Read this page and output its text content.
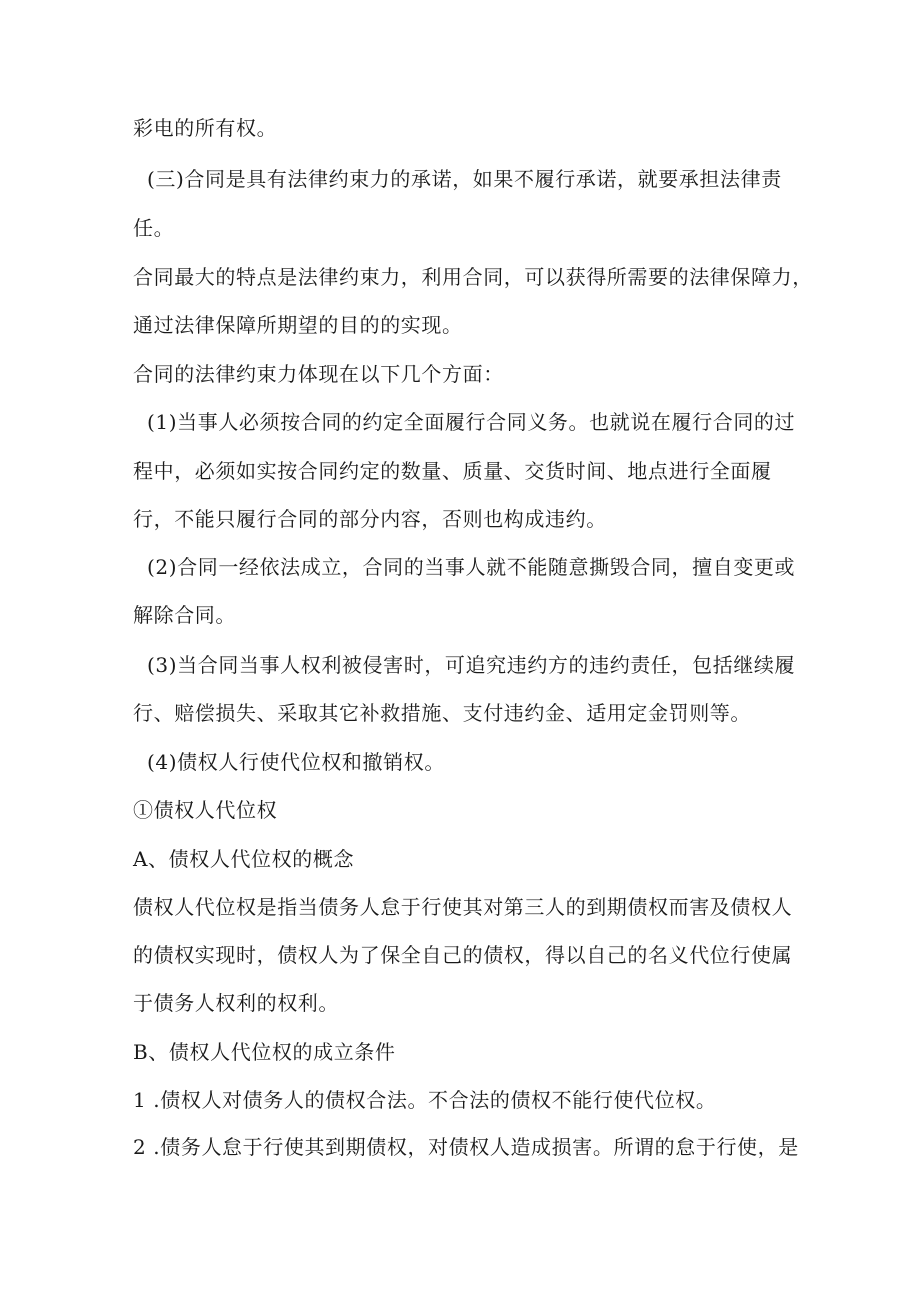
彩电的所有权。
(三)合同是具有法律约束力的承诺，如果不履行承诺，就要承担法律责
任。
合同最大的特点是法律约束力，利用合同，可以获得所需要的法律保障力，
通过法律保障所期望的目的的实现。
合同的法律约束力体现在以下几个方面：
(1)当事人必须按合同的约定全面履行合同义务。也就说在履行合同的过
程中，必须如实按合同约定的数量、质量、交货时间、地点进行全面履
行，不能只履行合同的部分内容，否则也构成违约。
(2)合同一经依法成立，合同的当事人就不能随意撕毁合同，擅自变更或
解除合同。
(3)当合同当事人权利被侵害时，可追究违约方的违约责任，包括继续履
行、赔偿损失、采取其它补救措施、支付违约金、适用定金罚则等。
(4)债权人行使代位权和撤销权。
①债权人代位权
A、债权人代位权的概念
债权人代位权是指当债务人怠于行使其对第三人的到期债权而害及债权人
的债权实现时，债权人为了保全自己的债权，得以自己的名义代位行使属
于债务人权利的权利。
B、债权人代位权的成立条件
1 .债权人对债务人的债权合法。不合法的债权不能行使代位权。
2 .债务人怠于行使其到期债权，对债权人造成损害。所谓的怠于行使，是
